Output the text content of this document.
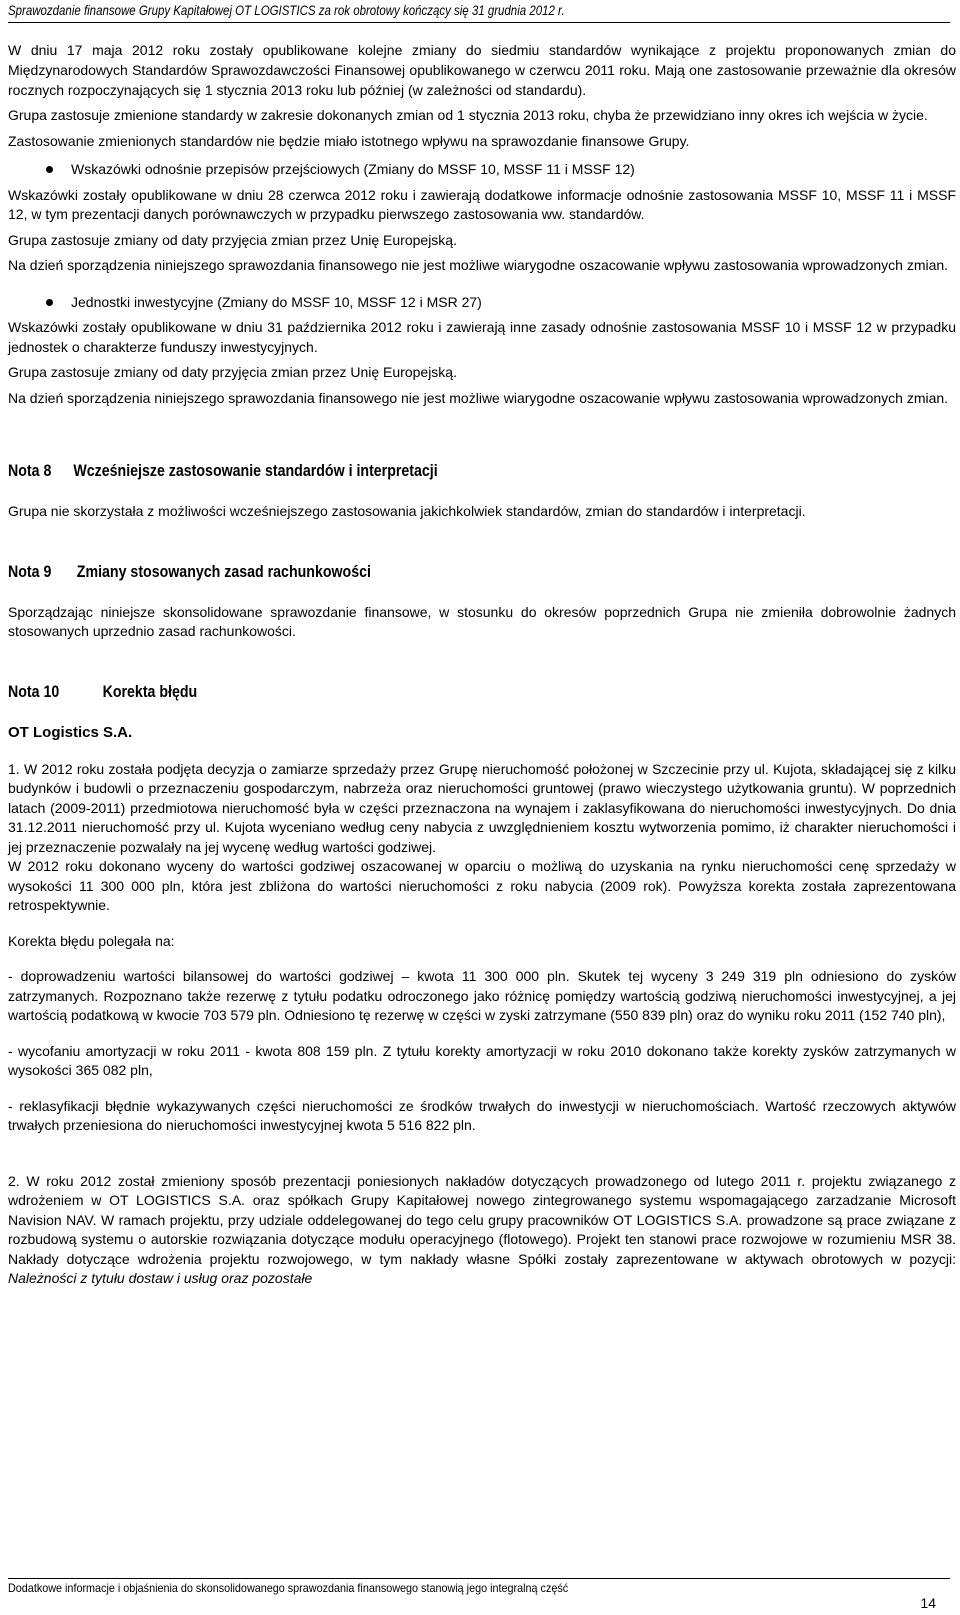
Sprawozdanie finansowe Grupy Kapitałowej OT LOGISTICS za rok obrotowy kończący się 31 grudnia 2012 r.

W dniu 17 maja 2012 roku zostały opublikowane kolejne zmiany do siedmiu standardów wynikające z projektu proponowanych zmian do Międzynarodowych Standardów Sprawozdawczości Finansowej opublikowanego w czerwcu 2011 roku. Mają one zastosowanie przeważnie dla okresów rocznych rozpoczynających się 1 stycznia 2013 roku lub później (w zależności od standardu).

Grupa zastosuje zmienione standardy w zakresie dokonanych zmian od 1 stycznia 2013 roku, chyba że przewidziano inny okres ich wejścia w życie.

Zastosowanie zmienionych standardów nie będzie miało istotnego wpływu na sprawozdanie finansowe Grupy.

Wskazówki odnośnie przepisów przejściowych (Zmiany do MSSF 10, MSSF 11 i MSSF 12)

Wskazówki zostały opublikowane w dniu 28 czerwca 2012 roku i zawierają dodatkowe informacje odnośnie zastosowania MSSF 10, MSSF 11 i MSSF 12, w tym prezentacji danych porównawczych w przypadku pierwszego zastosowania ww. standardów.

Grupa zastosuje zmiany od daty przyjęcia zmian przez Unię Europejską.

Na dzień sporządzenia niniejszego sprawozdania finansowego nie jest możliwe wiarygodne oszacowanie wpływu zastosowania wprowadzonych zmian.

Jednostki inwestycyjne (Zmiany do MSSF 10, MSSF 12 i MSR 27)

Wskazówki zostały opublikowane w dniu 31 października 2012 roku i zawierają inne zasady odnośnie zastosowania MSSF 10 i MSSF 12 w przypadku jednostek o charakterze funduszy inwestycyjnych.

Grupa zastosuje zmiany od daty przyjęcia zmian przez Unię Europejską.

Na dzień sporządzenia niniejszego sprawozdania finansowego nie jest możliwe wiarygodne oszacowanie wpływu zastosowania wprowadzonych zmian.

Nota 8	Wcześniejsze zastosowanie standardów i interpretacji

Grupa nie skorzystała z możliwości wcześniejszego zastosowania jakichkolwiek standardów, zmian do standardów i interpretacji.

Nota 9	Zmiany stosowanych zasad rachunkowości

Sporządzając niniejsze skonsolidowane sprawozdanie finansowe, w stosunku do okresów poprzednich Grupa nie zmieniła dobrowolnie żadnych stosowanych uprzednio zasad rachunkowości.

Nota 10	Korekta błędu
OT Logistics S.A.

1. W 2012 roku została podjęta decyzja o zamiarze sprzedaży przez Grupę nieruchomość położonej w Szczecinie przy ul. Kujota, składającej się z kilku budynków i budowli o przeznaczeniu gospodarczym, nabrzeża oraz nieruchomości gruntowej (prawo wieczystego użytkowania gruntu). W poprzednich latach (2009-2011) przedmiotowa nieruchomość była w części przeznaczona na wynajem i zaklasyfikowana do nieruchomości inwestycyjnych. Do dnia 31.12.2011 nieruchomość przy ul. Kujota wyceniano według ceny nabycia z uwzględnieniem kosztu wytworzenia pomimo, iż charakter nieruchomości i jej przeznaczenie pozwalały na jej wycenę według wartości godziwej.

W 2012 roku dokonano wyceny do wartości godziwej oszacowanej w oparciu o możliwą do uzyskania na rynku nieruchomości cenę sprzedaży w wysokości 11 300 000 pln, która jest zbliżona do wartości nieruchomości z roku nabycia (2009 rok). Powyższa korekta została zaprezentowana retrospektywnie.

Korekta błędu polegała na:

- doprowadzeniu wartości bilansowej do wartości godziwej – kwota 11 300 000 pln. Skutek tej wyceny 3 249 319 pln odniesiono do zysków zatrzymanych. Rozpoznano także rezerwę z tytułu podatku odroczonego jako różnicę pomiędzy wartością godziwą nieruchomości inwestycyjnej, a jej wartością podatkową w kwocie 703 579 pln. Odniesiono tę rezerwę w części w zyski zatrzymane (550 839 pln) oraz do wyniku roku 2011 (152 740 pln),

- wycofaniu amortyzacji w roku 2011 - kwota 808 159 pln. Z tytułu korekty amortyzacji w roku 2010 dokonano także korekty zysków zatrzymanych w wysokości 365 082 pln,

- reklasyfikacji błędnie wykazywanych części nieruchomości ze środków trwałych do inwestycji w nieruchomościach. Wartość rzeczowych aktywów trwałych przeniesiona do nieruchomości inwestycyjnej kwota 5 516 822 pln.

2. W roku 2012 został zmieniony sposób prezentacji poniesionych nakładów dotyczących prowadzonego od lutego 2011 r. projektu związanego z wdrożeniem w OT LOGISTICS S.A. oraz spółkach Grupy Kapitałowej nowego zintegrowanego systemu wspomagającego zarzadzanie Microsoft Navision NAV. W ramach projektu, przy udziale oddelegowanej do tego celu grupy pracowników OT LOGISTICS S.A. prowadzone są prace związane z rozbudową systemu o autorskie rozwiązania dotyczące modułu operacyjnego (flotowego). Projekt ten stanowi prace rozwojowe w rozumieniu MSR 38. Nakłady dotyczące wdrożenia projektu rozwojowego, w tym nakłady własne Spółki zostały zaprezentowane w aktywach obrotowych w pozycji: Należności z tytułu dostaw i usług oraz pozostałe

Dodatkowe informacje i objaśnienia do skonsolidowanego sprawozdania finansowego stanowią jego integralną część
14
